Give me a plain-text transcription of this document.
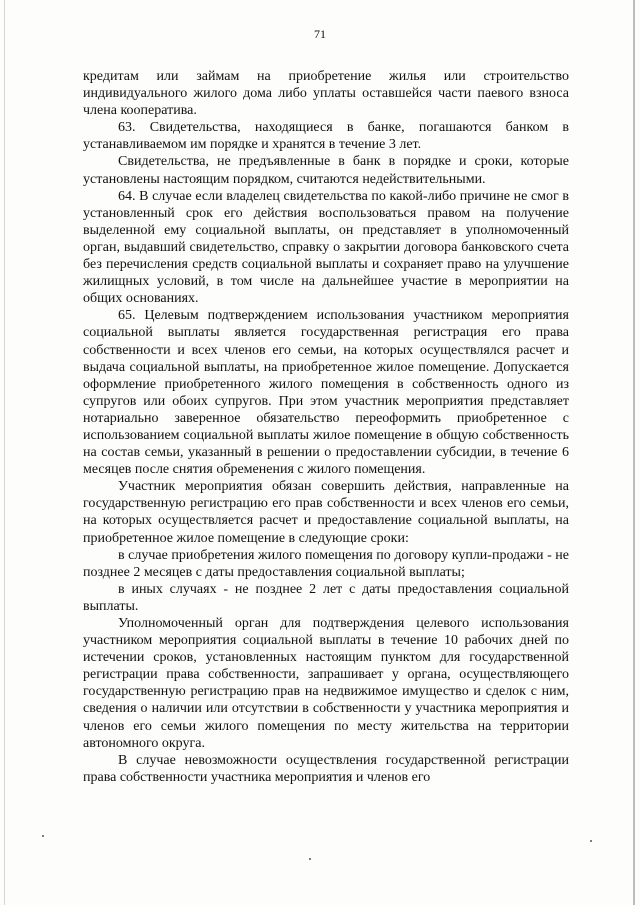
71

кредитам или займам на приобретение жилья или строительство индивидуального жилого дома либо уплаты оставшейся части паевого взноса члена кооператива.

63. Свидетельства, находящиеся в банке, погашаются банком в устанавливаемом им порядке и хранятся в течение 3 лет.

Свидетельства, не предъявленные в банк в порядке и сроки, которые установлены настоящим порядком, считаются недействительными.

64. В случае если владелец свидетельства по какой-либо причине не смог в установленный срок его действия воспользоваться правом на получение выделенной ему социальной выплаты, он представляет в уполномоченный орган, выдавший свидетельство, справку о закрытии договора банковского счета без перечисления средств социальной выплаты и сохраняет право на улучшение жилищных условий, в том числе на дальнейшее участие в мероприятии на общих основаниях.

65. Целевым подтверждением использования участником мероприятия социальной выплаты является государственная регистрация его права собственности и всех членов его семьи, на которых осуществлялся расчет и выдача социальной выплаты, на приобретенное жилое помещение. Допускается оформление приобретенного жилого помещения в собственность одного из супругов или обоих супругов. При этом участник мероприятия представляет нотариально заверенное обязательство переоформить приобретенное с использованием социальной выплаты жилое помещение в общую собственность на состав семьи, указанный в решении о предоставлении субсидии, в течение 6 месяцев после снятия обременения с жилого помещения.

Участник мероприятия обязан совершить действия, направленные на государственную регистрацию его прав собственности и всех членов его семьи, на которых осуществляется расчет и предоставление социальной выплаты, на приобретенное жилое помещение в следующие сроки:

в случае приобретения жилого помещения по договору купли-продажи - не позднее 2 месяцев с даты предоставления социальной выплаты;

в иных случаях - не позднее 2 лет с даты предоставления социальной выплаты.

Уполномоченный орган для подтверждения целевого использования участником мероприятия социальной выплаты в течение 10 рабочих дней по истечении сроков, установленных настоящим пунктом для государственной регистрации права собственности, запрашивает у органа, осуществляющего государственную регистрацию прав на недвижимое имущество и сделок с ним, сведения о наличии или отсутствии в собственности у участника мероприятия и членов его семьи жилого помещения по месту жительства на территории автономного округа.

В случае невозможности осуществления государственной регистрации права собственности участника мероприятия и членов его
